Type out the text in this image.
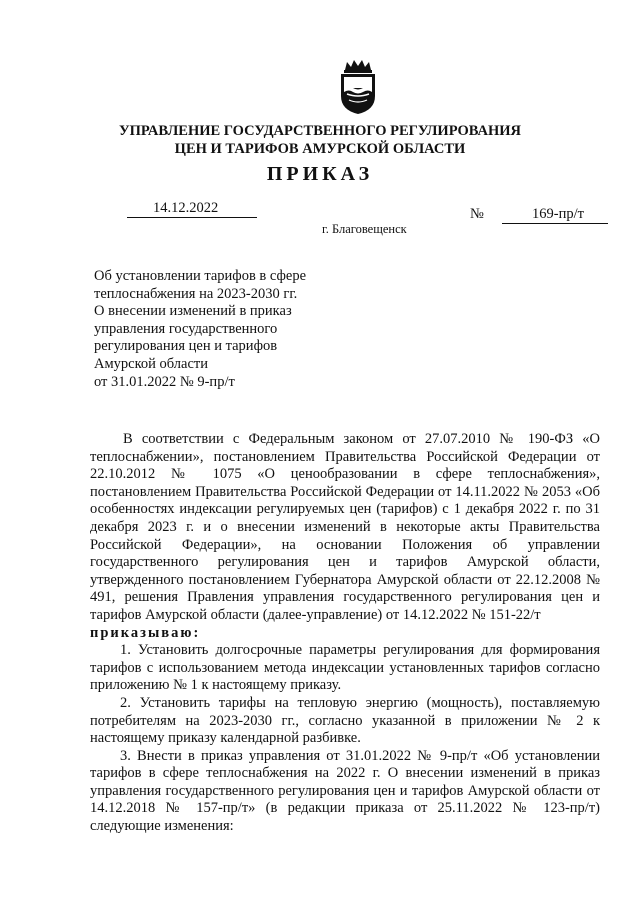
УПРАВЛЕНИЕ ГОСУДАРСТВЕННОГО РЕГУЛИРОВАНИЯ
ЦЕН И ТАРИФОВ АМУРСКОЙ ОБЛАСТИ
ПРИКАЗ
14.12.2022	№	169-пр/т
г. Благовещенск
Об установлении тарифов в сфере
теплоснабжения на 2023-2030 гг.
О внесении изменений в приказ
управления государственного
регулирования цен и тарифов
Амурской области
от 31.01.2022 № 9-пр/т
В соответствии с Федеральным законом от 27.07.2010 № 190-ФЗ «О теплоснабжении», постановлением Правительства Российской Федерации от 22.10.2012 № 1075 «О ценообразовании в сфере теплоснабжения», постановлением Правительства Российской Федерации от 14.11.2022 № 2053 «Об особенностях индексации регулируемых цен (тарифов) с 1 декабря 2022 г. по 31 декабря 2023 г. и о внесении изменений в некоторые акты Правительства Российской Федерации», на основании Положения об управлении государственного регулирования цен и тарифов Амурской области, утвержденного постановлением Губернатора Амурской области от 22.12.2008 № 491, решения Правления управления государственного регулирования цен и тарифов Амурской области (далее-управление) от 14.12.2022 № 151-22/т
приказываю:
1. Установить долгосрочные параметры регулирования для формирования тарифов с использованием метода индексации установленных тарифов согласно приложению № 1 к настоящему приказу.
2. Установить тарифы на тепловую энергию (мощность), поставляемую потребителям на 2023-2030 гг., согласно указанной в приложении № 2 к настоящему приказу календарной разбивке.
3. Внести в приказ управления от 31.01.2022 № 9-пр/т «Об установлении тарифов в сфере теплоснабжения на 2022 г. О внесении изменений в приказ управления государственного регулирования цен и тарифов Амурской области от 14.12.2018 № 157-пр/т» (в редакции приказа от 25.11.2022 № 123-пр/т) следующие изменения:
